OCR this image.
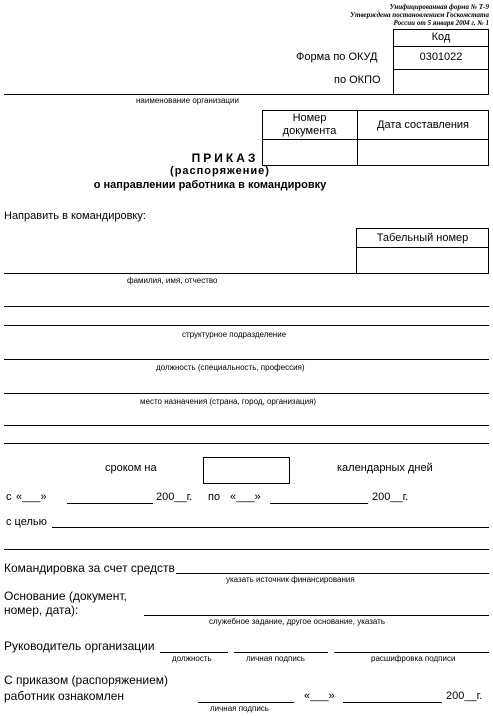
Унифицированная форма № Т-9
Утверждена постановлением Госкомстата
России от 5 января 2004 г. № 1
Код
0301022
Форма по ОКУД
по ОКПО
наименование организации
Номер документа	Дата составления
ПРИКАЗ
(распоряжение)
о направлении работника в командировку
Направить в командировку:
Табельный номер
фамилия, имя, отчество
структурное подразделение
должность (специальность, профессия)
место назначения (страна, город, организация)
сроком на	календарных дней
с «___»	200__г. по «___»	200__г.
с целью
Командировка за счет средств
указать источник финансирования
Основание (документ,
номер, дата):
служебное задание, другое основание, указать
Руководитель организации
должность	личная подпись	расшифровка подписи
С приказом (распоряжением)
работник ознакомлен
личная подпись
«___»	200__г.
